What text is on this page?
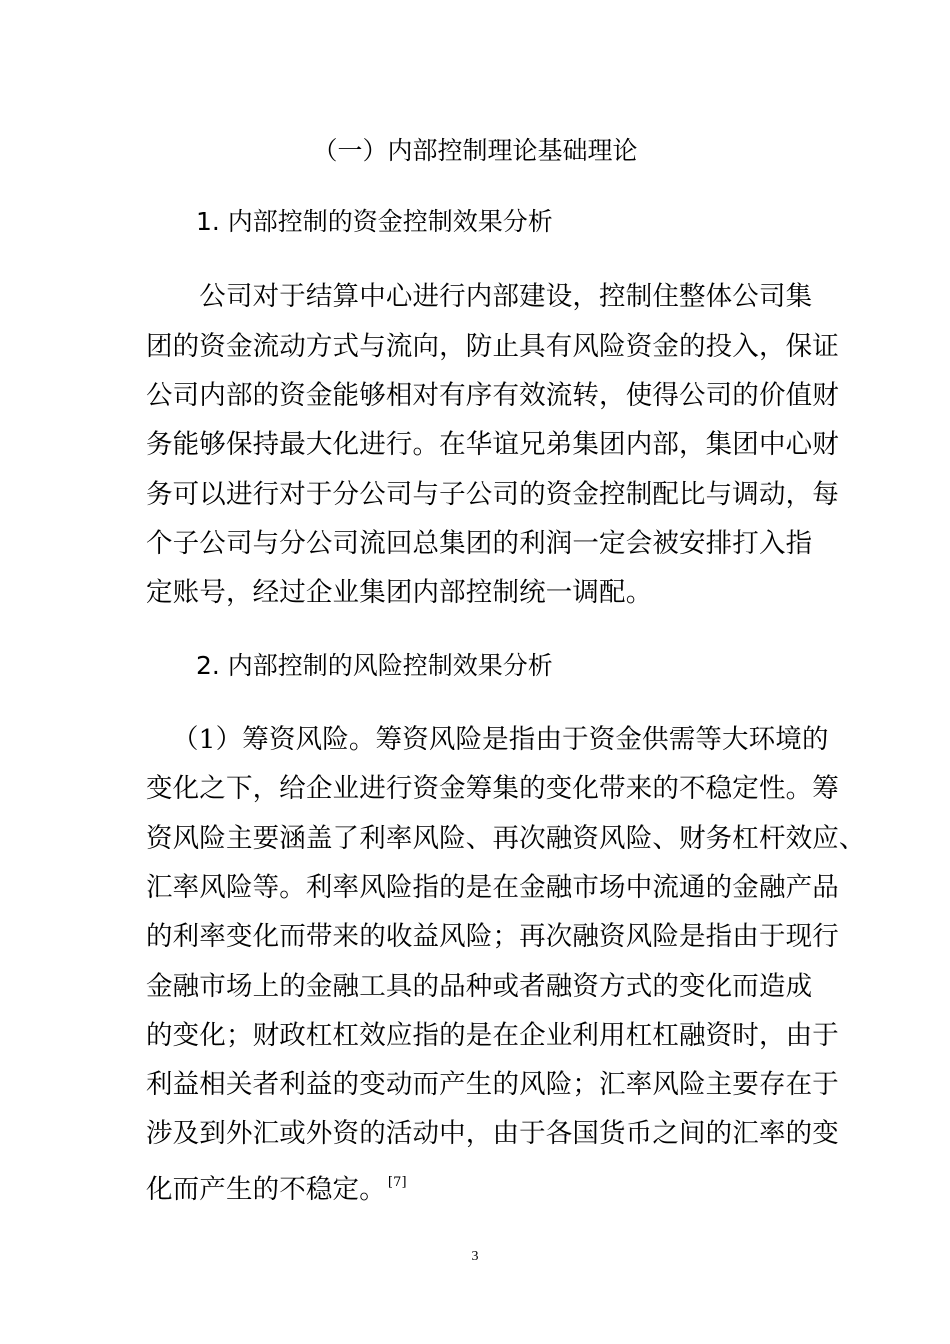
（一）内部控制理论基础理论
1. 内部控制的资金控制效果分析
　　公司对于结算中心进行内部建设，控制住整体公司集
团的资金流动方式与流向，防止具有风险资金的投入，保证
公司内部的资金能够相对有序有效流转，使得公司的价值财
务能够保持最大化进行。在华谊兄弟集团内部，集团中心财
务可以进行对于分公司与子公司的资金控制配比与调动，每
个子公司与分公司流回总集团的利润一定会被安排打入指
定账号，经过企业集团内部控制统一调配。
2. 内部控制的风险控制效果分析
（1）筹资风险。筹资风险是指由于资金供需等大环境的
变化之下，给企业进行资金筹集的变化带来的不稳定性。筹
资风险主要涵盖了利率风险、再次融资风险、财务杠杆效应、
汇率风险等。利率风险指的是在金融市场中流通的金融产品
的利率变化而带来的收益风险；再次融资风险是指由于现行
金融市场上的金融工具的品种或者融资方式的变化而造成
的变化；财政杠杠效应指的是在企业利用杠杠融资时，由于
利益相关者利益的变动而产生的风险；汇率风险主要存在于
涉及到外汇或外资的活动中，由于各国货币之间的汇率的变
化而产生的不稳定。 [7]
3
